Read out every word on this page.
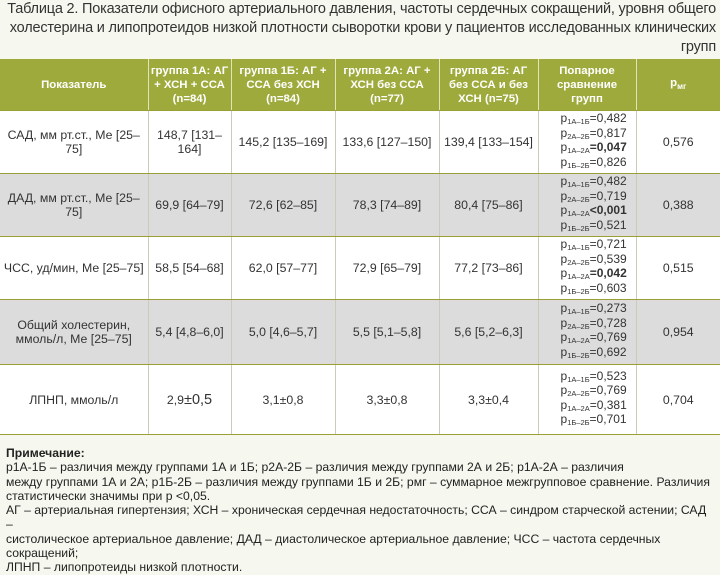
Таблица 2. Показатели офисного артериального давления, частоты сердечных сокращений, уровня общего
холестерина и липопротеидов низкой плотности сыворотки крови у пациентов исследованных клинических
групп
Показатель	группа 1А: АГ + ХСН + ССА (n=84)	группа 1Б: АГ + ССА без ХСН (n=84)	группа 2А: АГ + ХСН без ССА (n=77)	группа 2Б: АГ без ССА и без ХСН (n=75)	Попарное сравнение групп	$p_{мг}$
САД, мм рт.ст., Ме [25–75]	148,7 [131–164]	145,2 [135–169]	133,6 [127–150]	139,4 [133–154]	$p_{1А-1Б}=0,482$
$p_{2А-2Б}=0,817$
$p_{1А-2А}=0,047$
$p_{1Б-2Б}=0,826$	0,576
ДАД, мм рт.ст., Ме [25–75]	69,9 [64–79]	72,6 [62–85]	78,3 [74–89]	80,4 [75–86]	$p_{1А-1Б}=0,482$
$p_{2А-2Б}=0,719$
$p_{1А-2А}<0,001$
$p_{1Б-2Б}=0,521$	0,388
ЧСС, уд/мин, Ме [25–75]	58,5 [54–68]	62,0 [57–77]	72,9 [65–79]	77,2 [73–86]	$p_{1А-1Б}=0,721$
$p_{2А-2Б}=0,539$
$p_{1А-2А}=0,042$
$p_{1Б-2Б}=0,603$	0,515
Общий холестерин, ммоль/л, Ме [25–75]	5,4 [4,8–6,0]	5,0 [4,6–5,7]	5,5 [5,1–5,8]	5,6 [5,2–6,3]	$p_{1А-1Б}=0,273$
$p_{2А-2Б}=0,728$
$p_{1А-2А}=0,769$
$p_{1Б-2Б}=0,692$	0,954
ЛПНП, ммоль/л	2,9±0,5	3,1±0,8	3,3±0,8	3,3±0,4	$p_{1А-1Б}=0,523$
$p_{2А-2Б}=0,769$
$p_{1А-2А}=0,381$
$p_{1Б-2Б}=0,701$	0,704
Примечание:
р1А-1Б – различия между группами 1А и 1Б; р2А-2Б – различия между группами 2А и 2Б; р1А-2А – различия
между группами 1А и 2А; р1Б-2Б – различия между группами 1Б и 2Б; рмг – суммарное межгрупповое сравнение. Различия
статистически значимы при р <0,05.
АГ – артериальная гипертензия; ХСН – хроническая сердечная недостаточность; ССА – синдром старческой астении; САД –
систолическое артериальное давление; ДАД – диастолическое артериальное давление; ЧСС – частота сердечных сокращений;
ЛПНП – липопротеиды низкой плотности.
